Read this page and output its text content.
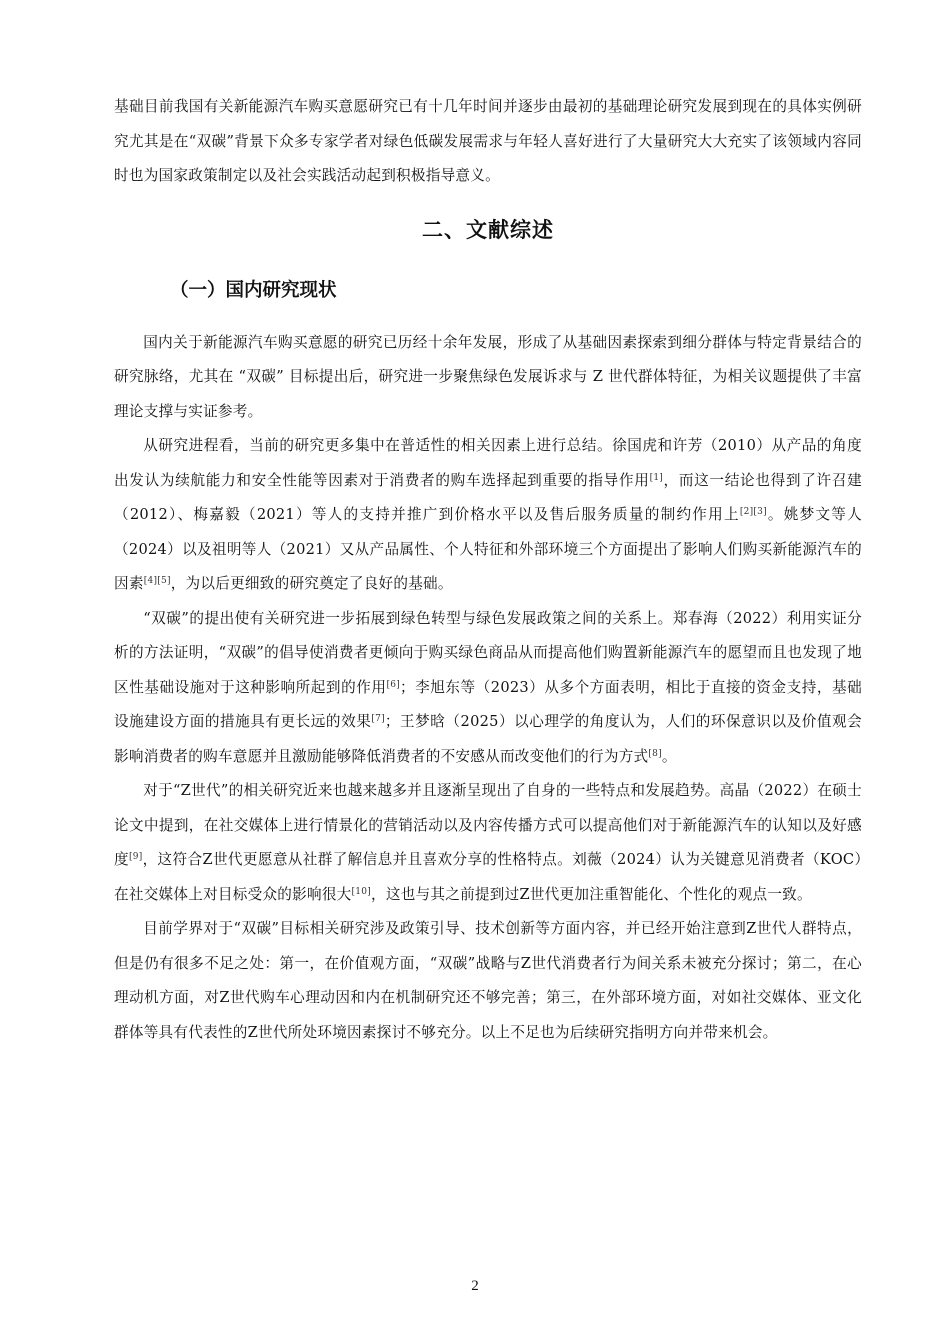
基础目前我国有关新能源汽车购买意愿研究已有十几年时间并逐步由最初的基础理论研究发展到现在的具体实例研究尤其是在“双碳”背景下众多专家学者对绿色低碳发展需求与年轻人喜好进行了大量研究大大充实了该领域内容同时也为国家政策制定以及社会实践活动起到积极指导意义。

二、文献综述
（一）国内研究现状

国内关于新能源汽车购买意愿的研究已历经十余年发展，形成了从基础因素探索到细分群体与特定背景结合的研究脉络，尤其在 “双碳” 目标提出后，研究进一步聚焦绿色发展诉求与 Z 世代群体特征，为相关议题提供了丰富理论支撑与实证参考。

从研究进程看，当前的研究更多集中在普适性的相关因素上进行总结。徐国虎和许芳（2010）从产品的角度出发认为续航能力和安全性能等因素对于消费者的购车选择起到重要的指导作用[1]，而这一结论也得到了许召建（2012）、梅嘉毅（2021）等人的支持并推广到价格水平以及售后服务质量的制约作用上[2][3]。姚梦文等人（2024）以及祖明等人（2021）又从产品属性、个人特征和外部环境三个方面提出了影响人们购买新能源汽车的因素[4][5]，为以后更细致的研究奠定了良好的基础。

“双碳”的提出使有关研究进一步拓展到绿色转型与绿色发展政策之间的关系上。郑春海（2022）利用实证分析的方法证明，“双碳”的倡导使消费者更倾向于购买绿色商品从而提高他们购置新能源汽车的愿望而且也发现了地区性基础设施对于这种影响所起到的作用[6]；李旭东等（2023）从多个方面表明，相比于直接的资金支持，基础设施建设方面的措施具有更长远的效果[7]；王梦晗（2025）以心理学的角度认为，人们的环保意识以及价值观会影响消费者的购车意愿并且激励能够降低消费者的不安感从而改变他们的行为方式[8]。

对于“Z世代”的相关研究近来也越来越多并且逐渐呈现出了自身的一些特点和发展趋势。高晶（2022）在硕士论文中提到，在社交媒体上进行情景化的营销活动以及内容传播方式可以提高他们对于新能源汽车的认知以及好感度[9]，这符合Z世代更愿意从社群了解信息并且喜欢分享的性格特点。刘薇（2024）认为关键意见消费者（KOC）在社交媒体上对目标受众的影响很大[10]，这也与其之前提到过Z世代更加注重智能化、个性化的观点一致。

目前学界对于“双碳”目标相关研究涉及政策引导、技术创新等方面内容，并已经开始注意到Z世代人群特点，但是仍有很多不足之处：第一，在价值观方面，“双碳”战略与Z世代消费者行为间关系未被充分探讨；第二，在心理动机方面，对Z世代购车心理动因和内在机制研究还不够完善；第三，在外部环境方面，对如社交媒体、亚文化群体等具有代表性的Z世代所处环境因素探讨不够充分。以上不足也为后续研究指明方向并带来机会。

2
